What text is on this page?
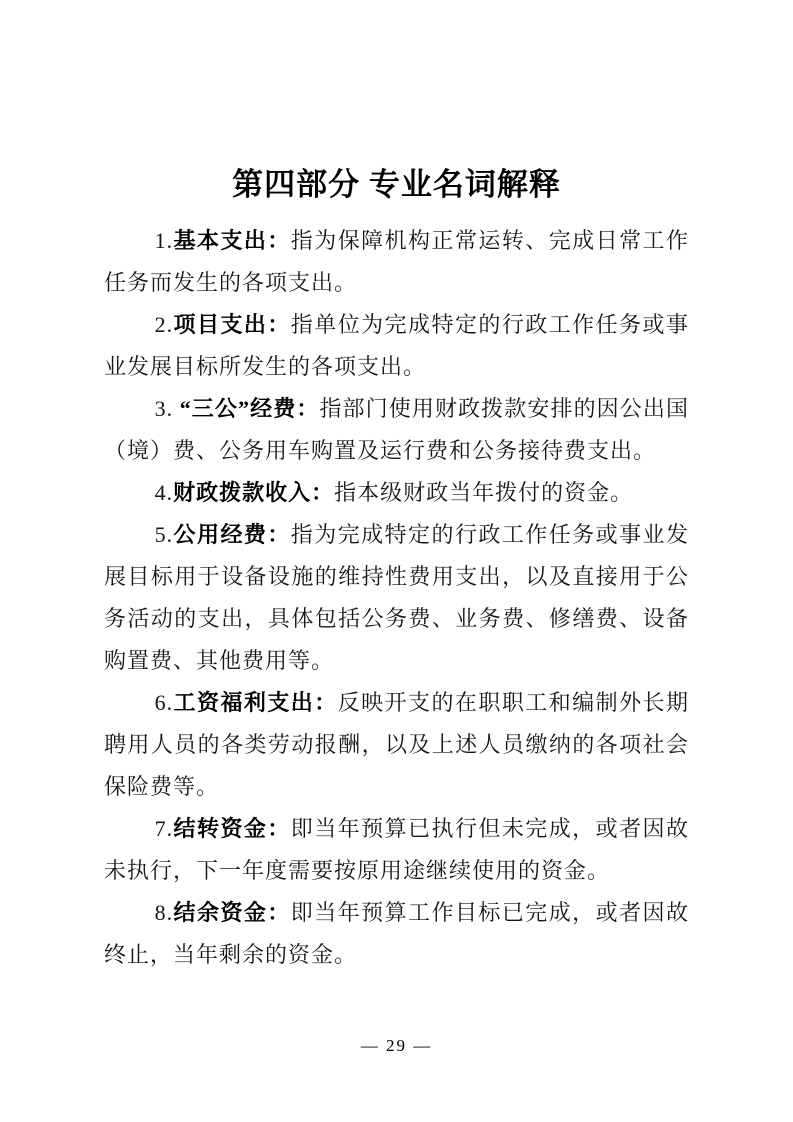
第四部分 专业名词解释

1.基本支出：指为保障机构正常运转、完成日常工作任务而发生的各项支出。

2.项目支出：指单位为完成特定的行政工作任务或事业发展目标所发生的各项支出。

3. “三公”经费：指部门使用财政拨款安排的因公出国（境）费、公务用车购置及运行费和公务接待费支出。

4.财政拨款收入：指本级财政当年拨付的资金。

5.公用经费：指为完成特定的行政工作任务或事业发展目标用于设备设施的维持性费用支出，以及直接用于公务活动的支出，具体包括公务费、业务费、修缮费、设备购置费、其他费用等。

6.工资福利支出：反映开支的在职职工和编制外长期聘用人员的各类劳动报酬，以及上述人员缴纳的各项社会保险费等。

7.结转资金：即当年预算已执行但未完成，或者因故未执行，下一年度需要按原用途继续使用的资金。

8.结余资金：即当年预算工作目标已完成，或者因故终止，当年剩余的资金。

— 29 —
